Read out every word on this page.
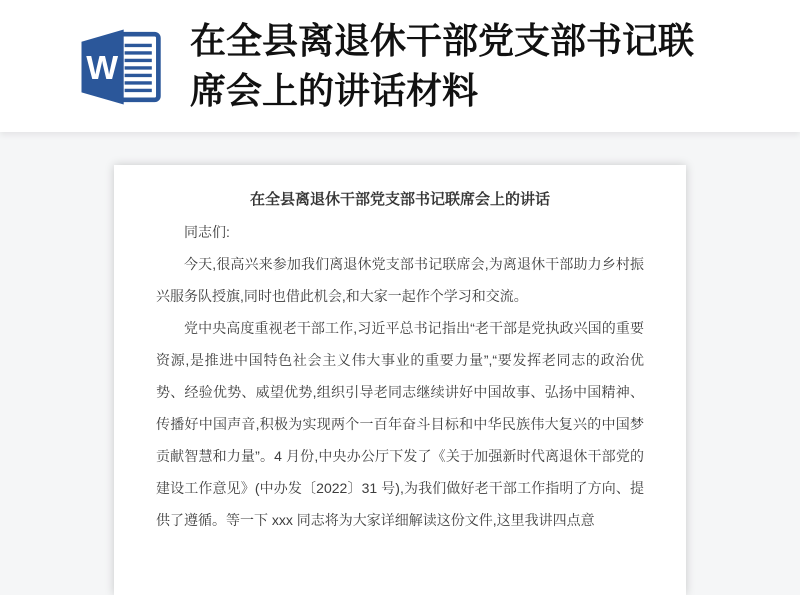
W
在全县离退休干部党支部书记联席会上的讲话材料
在全县离退休干部党支部书记联席会上的讲话

同志们:

今天,很高兴来参加我们离退休党支部书记联席会,为离退休干部助力乡村振兴服务队授旗,同时也借此机会,和大家一起作个学习和交流。

党中央高度重视老干部工作,习近平总书记指出“老干部是党执政兴国的重要资源,是推进中国特色社会主义伟大事业的重要力量”,“要发挥老同志的政治优势、经验优势、威望优势,组织引导老同志继续讲好中国故事、弘扬中国精神、传播好中国声音,积极为实现两个一百年奋斗目标和中华民族伟大复兴的中国梦贡献智慧和力量”。4 月份,中央办公厅下发了《关于加强新时代离退休干部党的建设工作意见》(中办发〔2022〕31 号),为我们做好老干部工作指明了方向、提供了遵循。等一下 xxx 同志将为大家详细解读这份文件,这里我讲四点意
